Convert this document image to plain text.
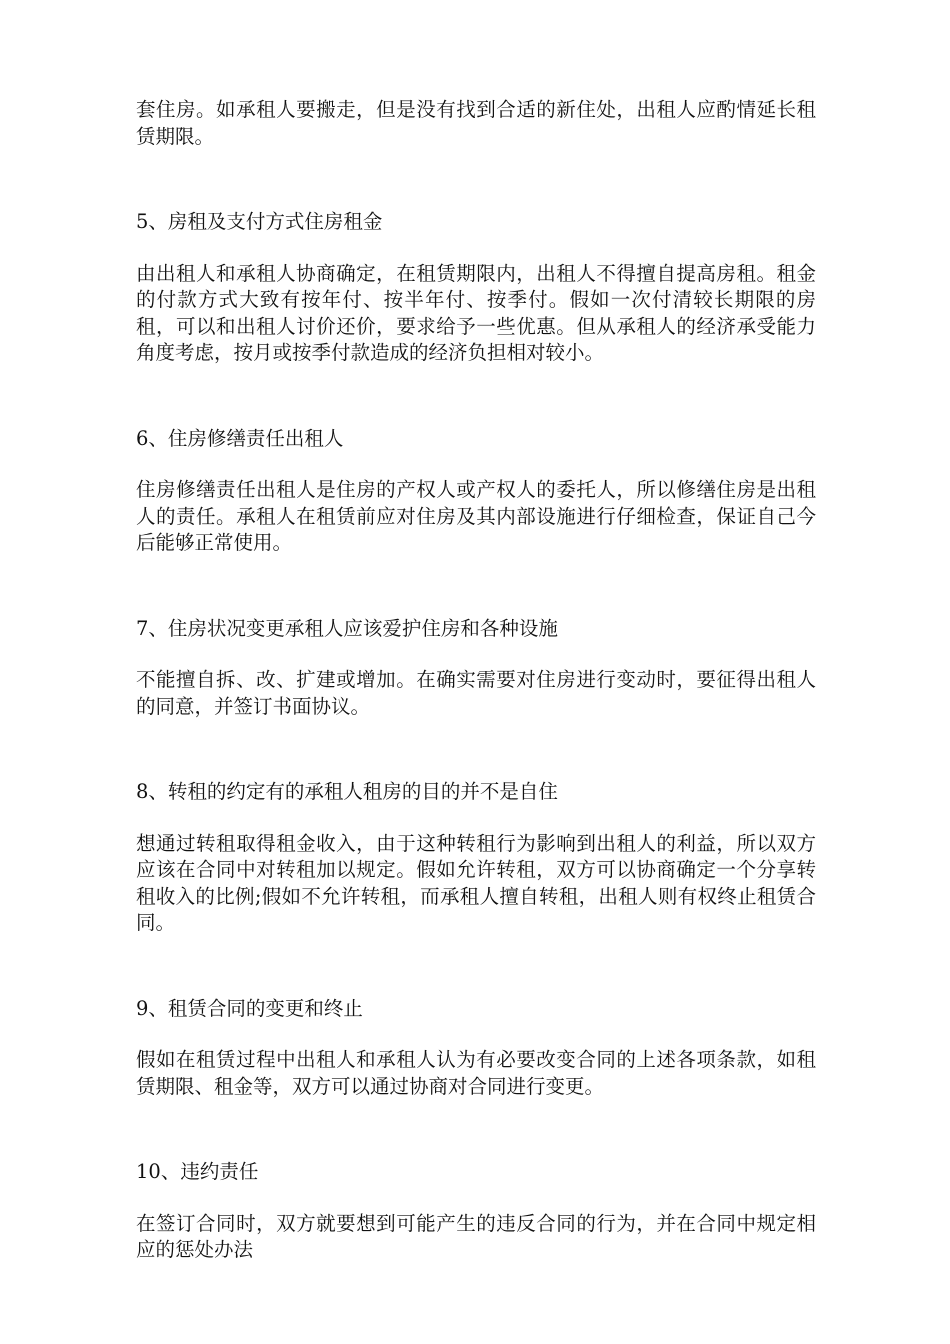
套住房。如承租人要搬走，但是没有找到合适的新住处，出租人应酌情延长租赁期限。

5、房租及支付方式住房租金

由出租人和承租人协商确定，在租赁期限内，出租人不得擅自提高房租。租金的付款方式大致有按年付、按半年付、按季付。假如一次付清较长期限的房租，可以和出租人讨价还价，要求给予一些优惠。但从承租人的经济承受能力角度考虑，按月或按季付款造成的经济负担相对较小。

6、住房修缮责任出租人

住房修缮责任出租人是住房的产权人或产权人的委托人，所以修缮住房是出租人的责任。承租人在租赁前应对住房及其内部设施进行仔细检查，保证自己今后能够正常使用。

7、住房状况变更承租人应该爱护住房和各种设施

不能擅自拆、改、扩建或增加。在确实需要对住房进行变动时，要征得出租人的同意，并签订书面协议。

8、转租的约定有的承租人租房的目的并不是自住

想通过转租取得租金收入，由于这种转租行为影响到出租人的利益，所以双方应该在合同中对转租加以规定。假如允许转租，双方可以协商确定一个分享转租收入的比例;假如不允许转租，而承租人擅自转租，出租人则有权终止租赁合同。

9、租赁合同的变更和终止

假如在租赁过程中出租人和承租人认为有必要改变合同的上述各项条款，如租赁期限、租金等，双方可以通过协商对合同进行变更。

10、违约责任

在签订合同时，双方就要想到可能产生的违反合同的行为，并在合同中规定相应的惩处办法
